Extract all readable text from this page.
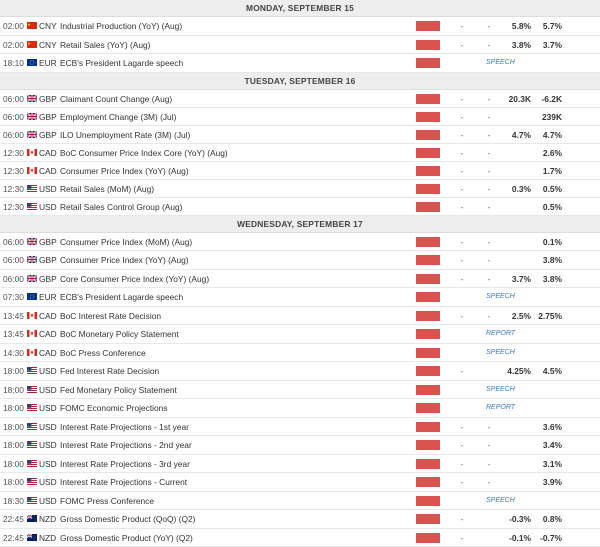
MONDAY, SEPTEMBER 15
02:00 CNY Industrial Production (YoY) (Aug)	-	-	5.8%	5.7%
02:00 CNY Retail Sales (YoY) (Aug)	-	-	3.8%	3.7%
18:10 EUR ECB's President Lagarde speech	SPEECH
TUESDAY, SEPTEMBER 16
06:00 GBP Claimant Count Change (Aug)	-	-	20.3K	-6.2K
06:00 GBP Employment Change (3M) (Jul)	-	-	239K
06:00 GBP ILO Unemployment Rate (3M) (Jul)	-	-	4.7%	4.7%
12:30 CAD BoC Consumer Price Index Core (YoY) (Aug)	-	-	2.6%
12:30 CAD Consumer Price Index (YoY) (Aug)	-	-	1.7%
12:30 USD Retail Sales (MoM) (Aug)	-	-	0.3%	0.5%
12:30 USD Retail Sales Control Group (Aug)	-	-	0.5%
WEDNESDAY, SEPTEMBER 17
06:00 GBP Consumer Price Index (MoM) (Aug)	-	-	0.1%
06:00 GBP Consumer Price Index (YoY) (Aug)	-	-	3.8%
06:00 GBP Core Consumer Price Index (YoY) (Aug)	-	-	3.7%	3.8%
07:30 EUR ECB's President Lagarde speech	SPEECH
13:45 CAD BoC Interest Rate Decision	-	-	2.5% 2.75%
13:45 CAD BoC Monetary Policy Statement	REPORT
14:30 CAD BoC Press Conference	SPEECH
18:00 USD Fed Interest Rate Decision	-	4.25%	4.5%
18:00 USD Fed Monetary Policy Statement	SPEECH
18:00 USD FOMC Economic Projections	REPORT
18:00 USD Interest Rate Projections - 1st year	-	-	3.6%
18:00 USD Interest Rate Projections - 2nd year	-	-	3.4%
18:00 USD Interest Rate Projections - 3rd year	-	-	3.1%
18:00 USD Interest Rate Projections - Current	-	-	3.9%
18:30 USD FOMC Press Conference	SPEECH
22:45 NZD Gross Domestic Product (QoQ) (Q2)	-	-0.3%	0.8%
22:45 NZD Gross Domestic Product (YoY) (Q2)	-	-0.1%	-0.7%
